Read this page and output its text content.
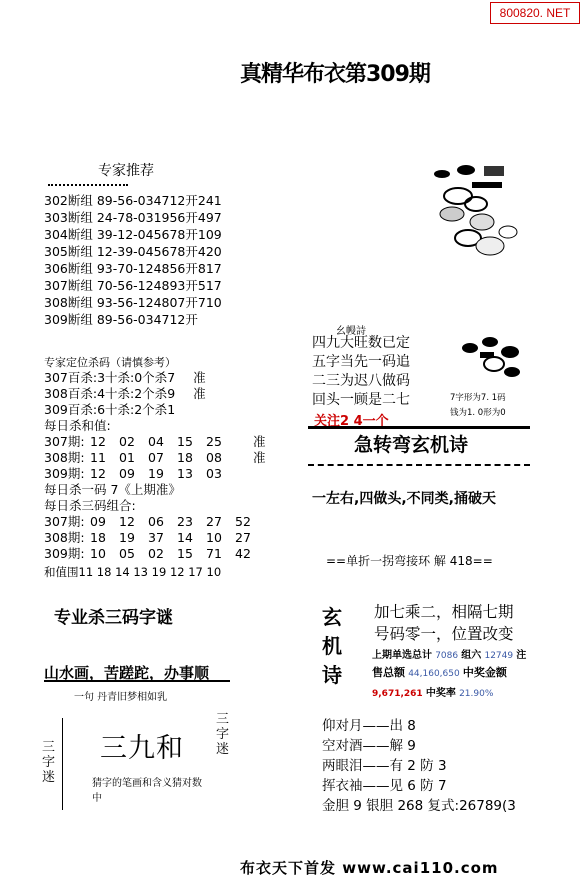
800820. NET
真精华布衣第309期
专家推荐
302断组 89-56-034712开241
303断组 24-78-031956开497
304断组 39-12-045678开109
305断组 12-39-045678开420
306断组 93-70-124856开817
307断组 70-56-124893开517
308断组 93-56-124807开710
309断组 89-56-034712开
专家定位杀码（请慎参考）
307百杀:3十杀:0个杀7 准
308百杀:4十杀:2个杀9 准
309百杀:6十杀:2个杀1
每日杀和值:
307期: 12 02 04 15 25 准
308期: 11 01 07 18 08 准
309期: 12 09 19 13 03
每日杀一码 7《上期准》
每日杀三码组合:
307期: 09 12 06 23 27 52
308期: 18 19 37 14 10 27
309期: 10 05 02 15 71 42
和值围11 18 14 13 19 12 17 10
专业杀三码字谜
山水画，苦蹉跎，办事顺
一句 丹青旧梦相如乳
三字迷
三字迷
三九和
猜字的笔画和含义猜对数中
幺幔詩
四九大旺数已定
五字当先一码追
二三为迟八做码
回头一顾是二七	7字形为7. 1码
钱为1. 0形为0
关注2 4一个
急转弯玄机诗
一左右,四做头,不同类,捅破天
==单折一拐弯接环 解 418==
玄
机
诗
加七乘二，相隔七期
号码零一，位置改变
上期单选总计 7086 组六 12749 注
售总额 44,160,650 中奖金额
9,671,261 中奖率 21.90%
仰对月——出 8
空对酒——解 9
两眼泪——有 2 防 3
挥衣袖——见 6 防 7
金胆 9 银胆 268 复式:26789(3
布衣天下首发 www.cai110.com
